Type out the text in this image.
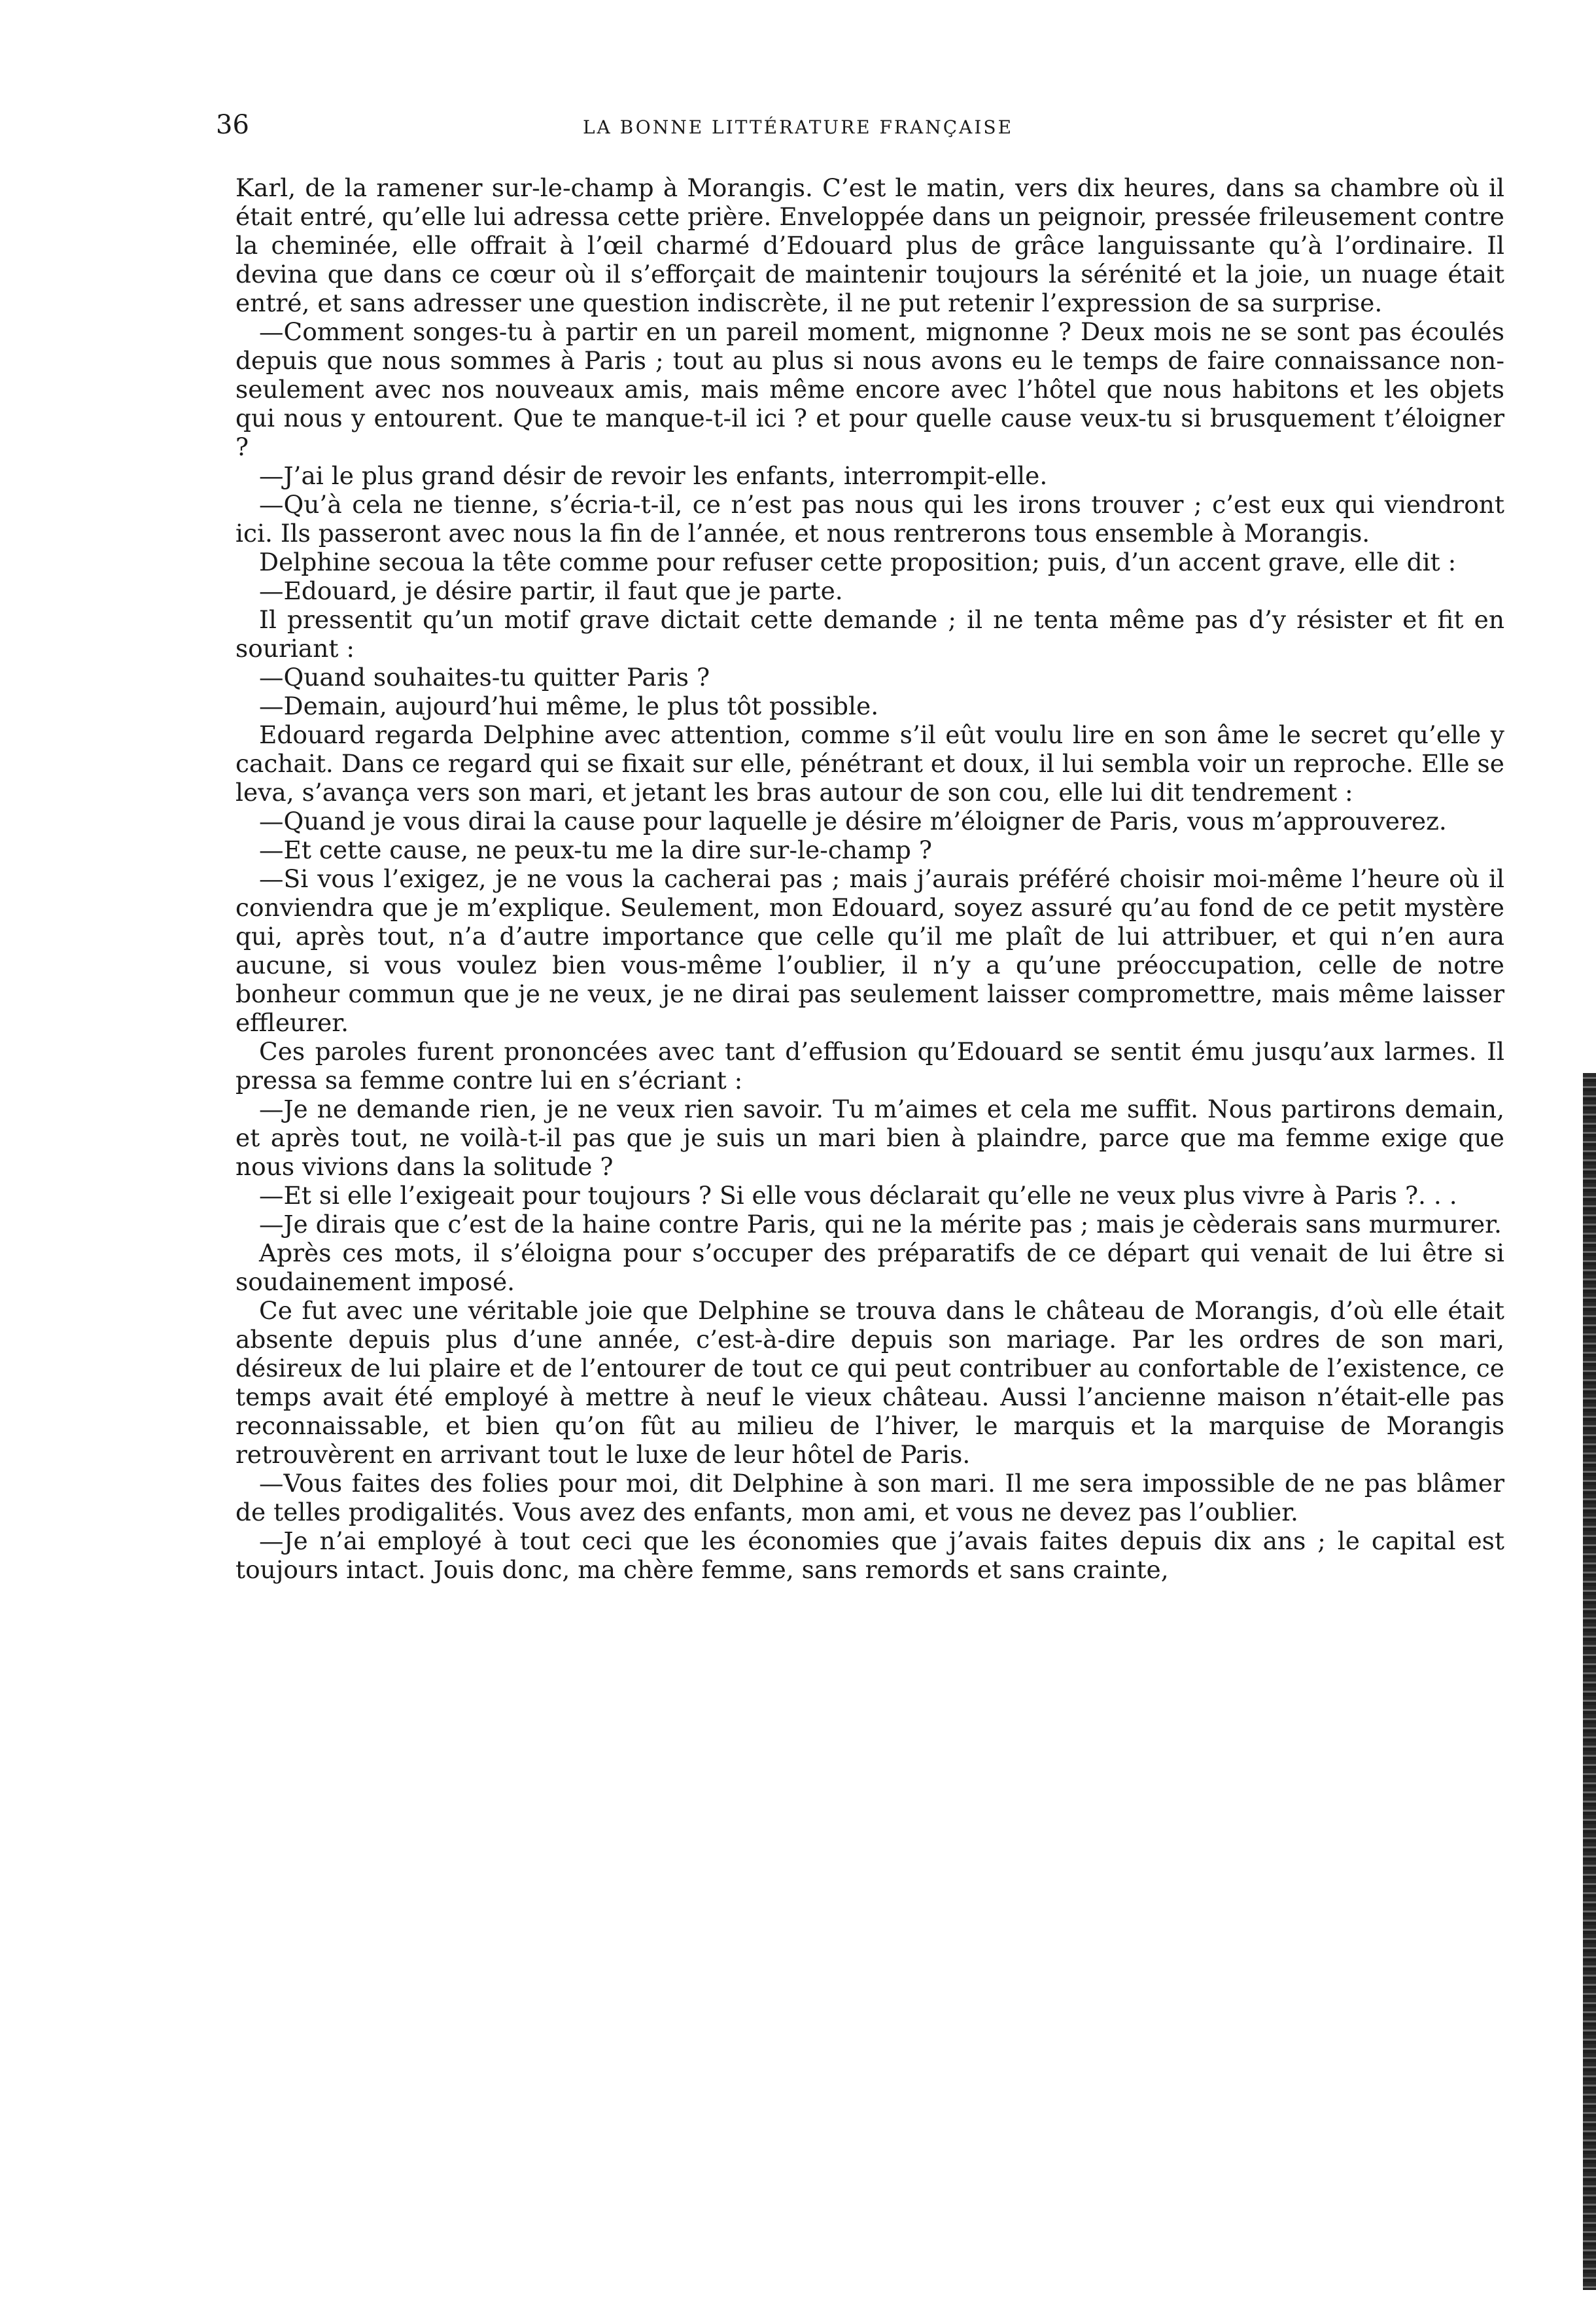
36	LA BONNE LITTÉRATURE FRANÇAISE

Karl, de la ramener sur-le-champ à Morangis. C’est le matin, vers dix heures, dans sa chambre où il était entré, qu’elle lui adressa cette prière. Enveloppée dans un peignoir, pressée frileusement contre la cheminée, elle offrait à l’œil charmé d’Edouard plus de grâce languissante qu’à l’ordinaire. Il devina que dans ce cœur où il s’efforçait de maintenir toujours la sérénité et la joie, un nuage était entré, et sans adresser une question indiscrète, il ne put retenir l’expression de sa surprise.

—Comment songes-tu à partir en un pareil moment, mignonne ? Deux mois ne se sont pas écoulés depuis que nous sommes à Paris ; tout au plus si nous avons eu le temps de faire connaissance non-seulement avec nos nouveaux amis, mais même encore avec l’hôtel que nous habitons et les objets qui nous y entourent. Que te manque-t-il ici ? et pour quelle cause veux-tu si brusquement t’éloigner ?

—J’ai le plus grand désir de revoir les enfants, interrompit-elle.

—Qu’à cela ne tienne, s’écria-t-il, ce n’est pas nous qui les irons trouver ; c’est eux qui viendront ici. Ils passeront avec nous la fin de l’année, et nous rentrerons tous ensemble à Morangis.

Delphine secoua la tête comme pour refuser cette proposition; puis, d’un accent grave, elle dit :

—Edouard, je désire partir, il faut que je parte.

Il pressentit qu’un motif grave dictait cette demande ; il ne tenta même pas d’y résister et fit en souriant :

—Quand souhaites-tu quitter Paris ?

—Demain, aujourd’hui même, le plus tôt possible.

Edouard regarda Delphine avec attention, comme s’il eût voulu lire en son âme le secret qu’elle y cachait. Dans ce regard qui se fixait sur elle, pénétrant et doux, il lui sembla voir un reproche. Elle se leva, s’avança vers son mari, et jetant les bras autour de son cou, elle lui dit tendrement :

—Quand je vous dirai la cause pour laquelle je désire m’éloigner de Paris, vous m’approuverez.

—Et cette cause, ne peux-tu me la dire sur-le-champ ?

—Si vous l’exigez, je ne vous la cacherai pas ; mais j’aurais préféré choisir moi-même l’heure où il conviendra que je m’explique. Seulement, mon Edouard, soyez assuré qu’au fond de ce petit mystère qui, après tout, n’a d’autre importance que celle qu’il me plaît de lui attribuer, et qui n’en aura aucune, si vous voulez bien vous-même l’oublier, il n’y a qu’une préoccupation, celle de notre bonheur commun que je ne veux, je ne dirai pas seulement laisser compromettre, mais même laisser effleurer.

Ces paroles furent prononcées avec tant d’effusion qu’Edouard se sentit ému jusqu’aux larmes. Il pressa sa femme contre lui en s’écriant :

—Je ne demande rien, je ne veux rien savoir. Tu m’aimes et cela me suffit. Nous partirons demain, et après tout, ne voilà-t-il pas que je suis un mari bien à plaindre, parce que ma femme exige que nous vivions dans la solitude ?

—Et si elle l’exigeait pour toujours ? Si elle vous déclarait qu’elle ne veux plus vivre à Paris ?. . .

—Je dirais que c’est de la haine contre Paris, qui ne la mérite pas ; mais je cèderais sans murmurer.

Après ces mots, il s’éloigna pour s’occuper des préparatifs de ce départ qui venait de lui être si soudainement imposé.

Ce fut avec une véritable joie que Delphine se trouva dans le château de Morangis, d’où elle était absente depuis plus d’une année, c’est-à-dire depuis son mariage. Par les ordres de son mari, désireux de lui plaire et de l’entourer de tout ce qui peut contribuer au confortable de l’existence, ce temps avait été employé à mettre à neuf le vieux château. Aussi l’ancienne maison n’était-elle pas reconnaissable, et bien qu’on fût au milieu de l’hiver, le marquis et la marquise de Morangis retrouvèrent en arrivant tout le luxe de leur hôtel de Paris.

—Vous faites des folies pour moi, dit Delphine à son mari. Il me sera impossible de ne pas blâmer de telles prodigalités. Vous avez des enfants, mon ami, et vous ne devez pas l’oublier.

—Je n’ai employé à tout ceci que les économies que j’avais faites depuis dix ans ; le capital est toujours intact. Jouis donc, ma chère femme, sans remords et sans crainte,
